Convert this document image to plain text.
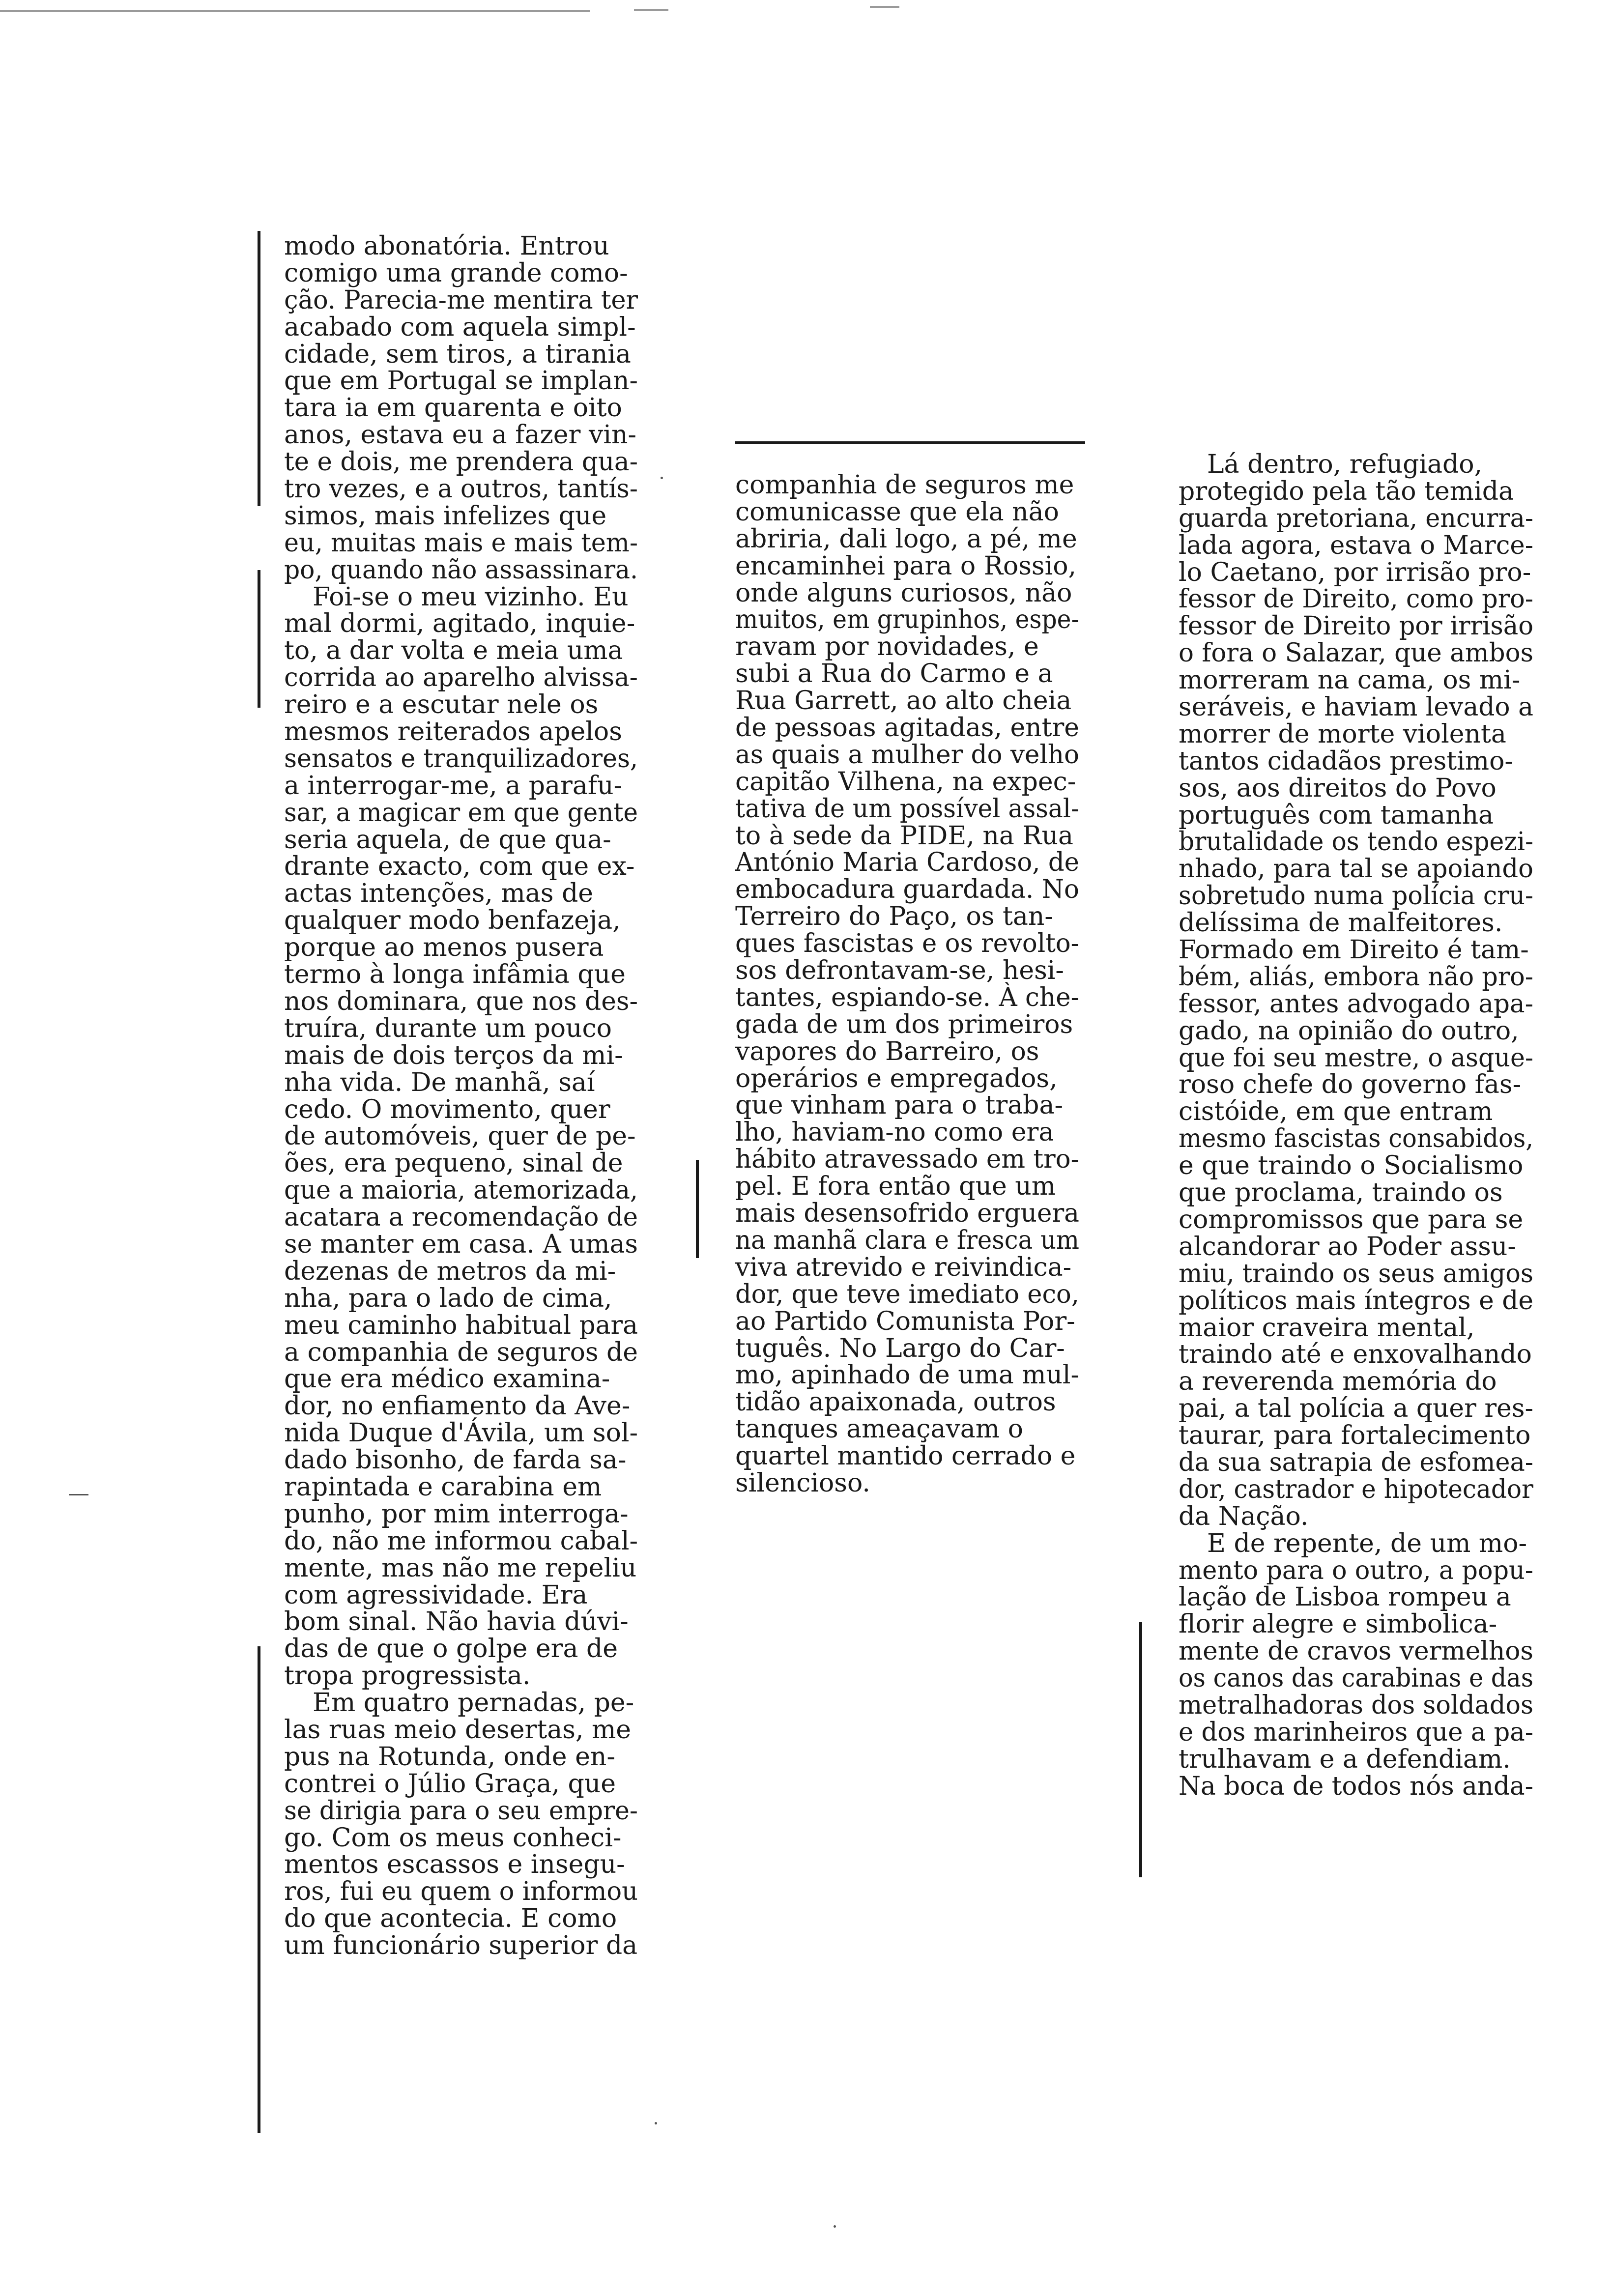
modo abonatória. Entrou
comigo uma grande como-
ção. Parecia-me mentira ter
acabado com aquela simpl-
cidade, sem tiros, a tirania
que em Portugal se implan-
tara ia em quarenta e oito
anos, estava eu a fazer vin-
te e dois, me prendera qua-
tro vezes, e a outros, tantís-
simos, mais infelizes que
eu, muitas mais e mais tem-
po, quando não assassinara.
Foi-se o meu vizinho. Eu
mal dormi, agitado, inquie-
to, a dar volta e meia uma
corrida ao aparelho alvissa-
reiro e a escutar nele os
mesmos reiterados apelos
sensatos e tranquilizadores,
a interrogar-me, a parafu-
sar, a magicar em que gente
seria aquela, de que qua-
drante exacto, com que ex-
actas intenções, mas de
qualquer modo benfazeja,
porque ao menos pusera
termo à longa infâmia que
nos dominara, que nos des-
truíra, durante um pouco
mais de dois terços da mi-
nha vida. De manhã, saí
cedo. O movimento, quer
de automóveis, quer de pe-
ões, era pequeno, sinal de
que a maioria, atemorizada,
acatara a recomendação de
se manter em casa. A umas
dezenas de metros da mi-
nha, para o lado de cima,
meu caminho habitual para
a companhia de seguros de
que era médico examina-
dor, no enfiamento da Ave-
nida Duque d'Ávila, um sol-
dado bisonho, de farda sa-
rapintada e carabina em
punho, por mim interroga-
do, não me informou cabal-
mente, mas não me repeliu
com agressividade. Era
bom sinal. Não havia dúvi-
das de que o golpe era de
tropa progressista.
Em quatro pernadas, pe-
las ruas meio desertas, me
pus na Rotunda, onde en-
contrei o Júlio Graça, que
se dirigia para o seu empre-
go. Com os meus conheci-
mentos escassos e insegu-
ros, fui eu quem o informou
do que acontecia. E como
um funcionário superior da
companhia de seguros me
comunicasse que ela não
abriria, dali logo, a pé, me
encaminhei para o Rossio,
onde alguns curiosos, não
muitos, em grupinhos, espe-
ravam por novidades, e
subi a Rua do Carmo e a
Rua Garrett, ao alto cheia
de pessoas agitadas, entre
as quais a mulher do velho
capitão Vilhena, na expec-
tativa de um possível assal-
to à sede da PIDE, na Rua
António Maria Cardoso, de
embocadura guardada. No
Terreiro do Paço, os tan-
ques fascistas e os revolto-
sos defrontavam-se, hesi-
tantes, espiando-se. À che-
gada de um dos primeiros
vapores do Barreiro, os
operários e empregados,
que vinham para o traba-
lho, haviam-no como era
hábito atravessado em tro-
pel. E fora então que um
mais desensofrido erguera
na manhã clara e fresca um
viva atrevido e reivindica-
dor, que teve imediato eco,
ao Partido Comunista Por-
tuguês. No Largo do Car-
mo, apinhado de uma mul-
tidão apaixonada, outros
tanques ameaçavam o
quartel mantido cerrado e
silencioso.
Lá dentro, refugiado,
protegido pela tão temida
guarda pretoriana, encurra-
lada agora, estava o Marce-
lo Caetano, por irrisão pro-
fessor de Direito, como pro-
fessor de Direito por irrisão
o fora o Salazar, que ambos
morreram na cama, os mi-
seráveis, e haviam levado a
morrer de morte violenta
tantos cidadãos prestimo-
sos, aos direitos do Povo
português com tamanha
brutalidade os tendo espezi-
nhado, para tal se apoiando
sobretudo numa polícia cru-
delíssima de malfeitores.
Formado em Direito é tam-
bém, aliás, embora não pro-
fessor, antes advogado apa-
gado, na opinião do outro,
que foi seu mestre, o asque-
roso chefe do governo fas-
cistóide, em que entram
mesmo fascistas consabidos,
e que traindo o Socialismo
que proclama, traindo os
compromissos que para se
alcandorar ao Poder assu-
miu, traindo os seus amigos
políticos mais íntegros e de
maior craveira mental,
traindo até e enxovalhando
a reverenda memória do
pai, a tal polícia a quer res-
taurar, para fortalecimento
da sua satrapia de esfomea-
dor, castrador e hipotecador
da Nação.
E de repente, de um mo-
mento para o outro, a popu-
lação de Lisboa rompeu a
florir alegre e simbolica-
mente de cravos vermelhos
os canos das carabinas e das
metralhadoras dos soldados
e dos marinheiros que a pa-
trulhavam e a defendiam.
Na boca de todos nós anda-
